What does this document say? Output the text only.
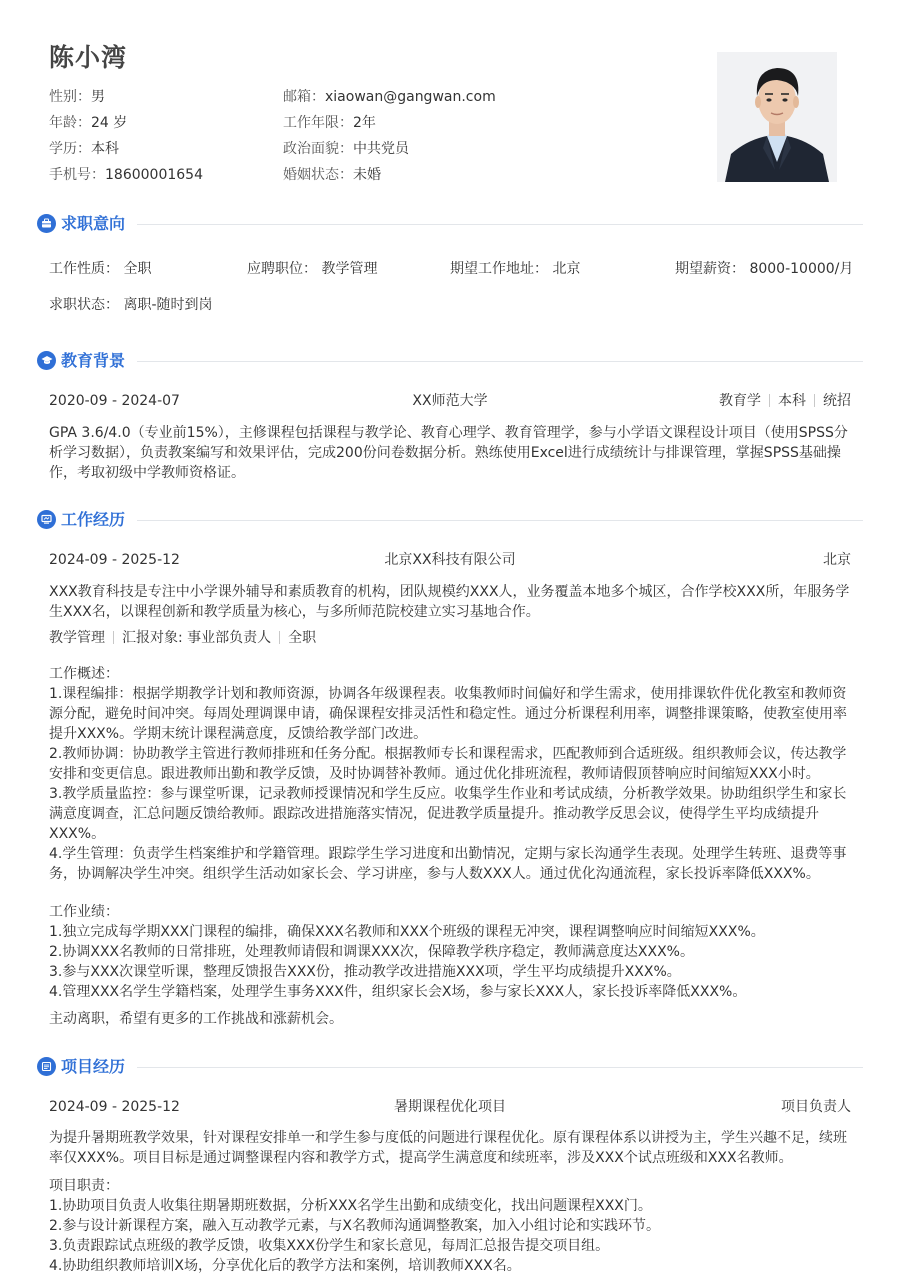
陈小湾
性别：男
年龄：24 岁
学历：本科
手机号：18600001654
邮箱：xiaowan@gangwan.com
工作年限：2年
政治面貌：中共党员
婚姻状态：未婚
求职意向
工作性质： 全职	应聘职位： 教学管理	期望工作地址： 北京	期望薪资： 8000-10000/月
求职状态： 离职-随时到岗
教育背景
2020-09 - 2024-07	XX师范大学	教育学 本科 统招
GPA 3.6/4.0（专业前15%），主修课程包括课程与教学论、教育心理学、教育管理学，参与小学语文课程设计项目（使用SPSS分析学习数据），负责教案编写和效果评估，完成200份问卷数据分析。熟练使用Excel进行成绩统计与排课管理，掌握SPSS基础操作，考取初级中学教师资格证。
工作经历
2024-09 - 2025-12	北京XX科技有限公司	北京
XXX教育科技是专注中小学课外辅导和素质教育的机构，团队规模约XXX人，业务覆盖本地多个城区，合作学校XXX所，年服务学生XXX名，以课程创新和教学质量为核心，与多所师范院校建立实习基地合作。
教学管理 汇报对象: 事业部负责人 全职
工作概述：
1.课程编排：根据学期教学计划和教师资源，协调各年级课程表。收集教师时间偏好和学生需求，使用排课软件优化教室和教师资源分配，避免时间冲突。每周处理调课申请，确保课程安排灵活性和稳定性。通过分析课程利用率，调整排课策略，使教室使用率提升XXX%。学期末统计课程满意度，反馈给教学部门改进。
2.教师协调：协助教学主管进行教师排班和任务分配。根据教师专长和课程需求，匹配教师到合适班级。组织教师会议，传达教学安排和变更信息。跟进教师出勤和教学反馈，及时协调替补教师。通过优化排班流程，教师请假顶替响应时间缩短XXX小时。
3.教学质量监控：参与课堂听课，记录教师授课情况和学生反应。收集学生作业和考试成绩，分析教学效果。协助组织学生和家长满意度调查，汇总问题反馈给教师。跟踪改进措施落实情况，促进教学质量提升。推动教学反思会议，使得学生平均成绩提升XXX%。
4.学生管理：负责学生档案维护和学籍管理。跟踪学生学习进度和出勤情况，定期与家长沟通学生表现。处理学生转班、退费等事务，协调解决学生冲突。组织学生活动如家长会、学习讲座，参与人数XXX人。通过优化沟通流程，家长投诉率降低XXX%。
工作业绩：
1.独立完成每学期XXX门课程的编排，确保XXX名教师和XXX个班级的课程无冲突，课程调整响应时间缩短XXX%。
2.协调XXX名教师的日常排班，处理教师请假和调课XXX次，保障教学秩序稳定，教师满意度达XXX%。
3.参与XXX次课堂听课，整理反馈报告XXX份，推动教学改进措施XXX项，学生平均成绩提升XXX%。
4.管理XXX名学生学籍档案，处理学生事务XXX件，组织家长会X场，参与家长XXX人，家长投诉率降低XXX%。
主动离职，希望有更多的工作挑战和涨薪机会。
项目经历
2024-09 - 2025-12	暑期课程优化项目	项目负责人
为提升暑期班教学效果，针对课程安排单一和学生参与度低的问题进行课程优化。原有课程体系以讲授为主，学生兴趣不足，续班率仅XXX%。项目目标是通过调整课程内容和教学方式，提高学生满意度和续班率，涉及XXX个试点班级和XXX名教师。
项目职责：
1.协助项目负责人收集往期暑期班数据，分析XXX名学生出勤和成绩变化，找出问题课程XXX门。
2.参与设计新课程方案，融入互动教学元素，与X名教师沟通调整教案，加入小组讨论和实践环节。
3.负责跟踪试点班级的教学反馈，收集XXX份学生和家长意见，每周汇总报告提交项目组。
4.协助组织教师培训X场，分享优化后的教学方法和案例，培训教师XXX名。
